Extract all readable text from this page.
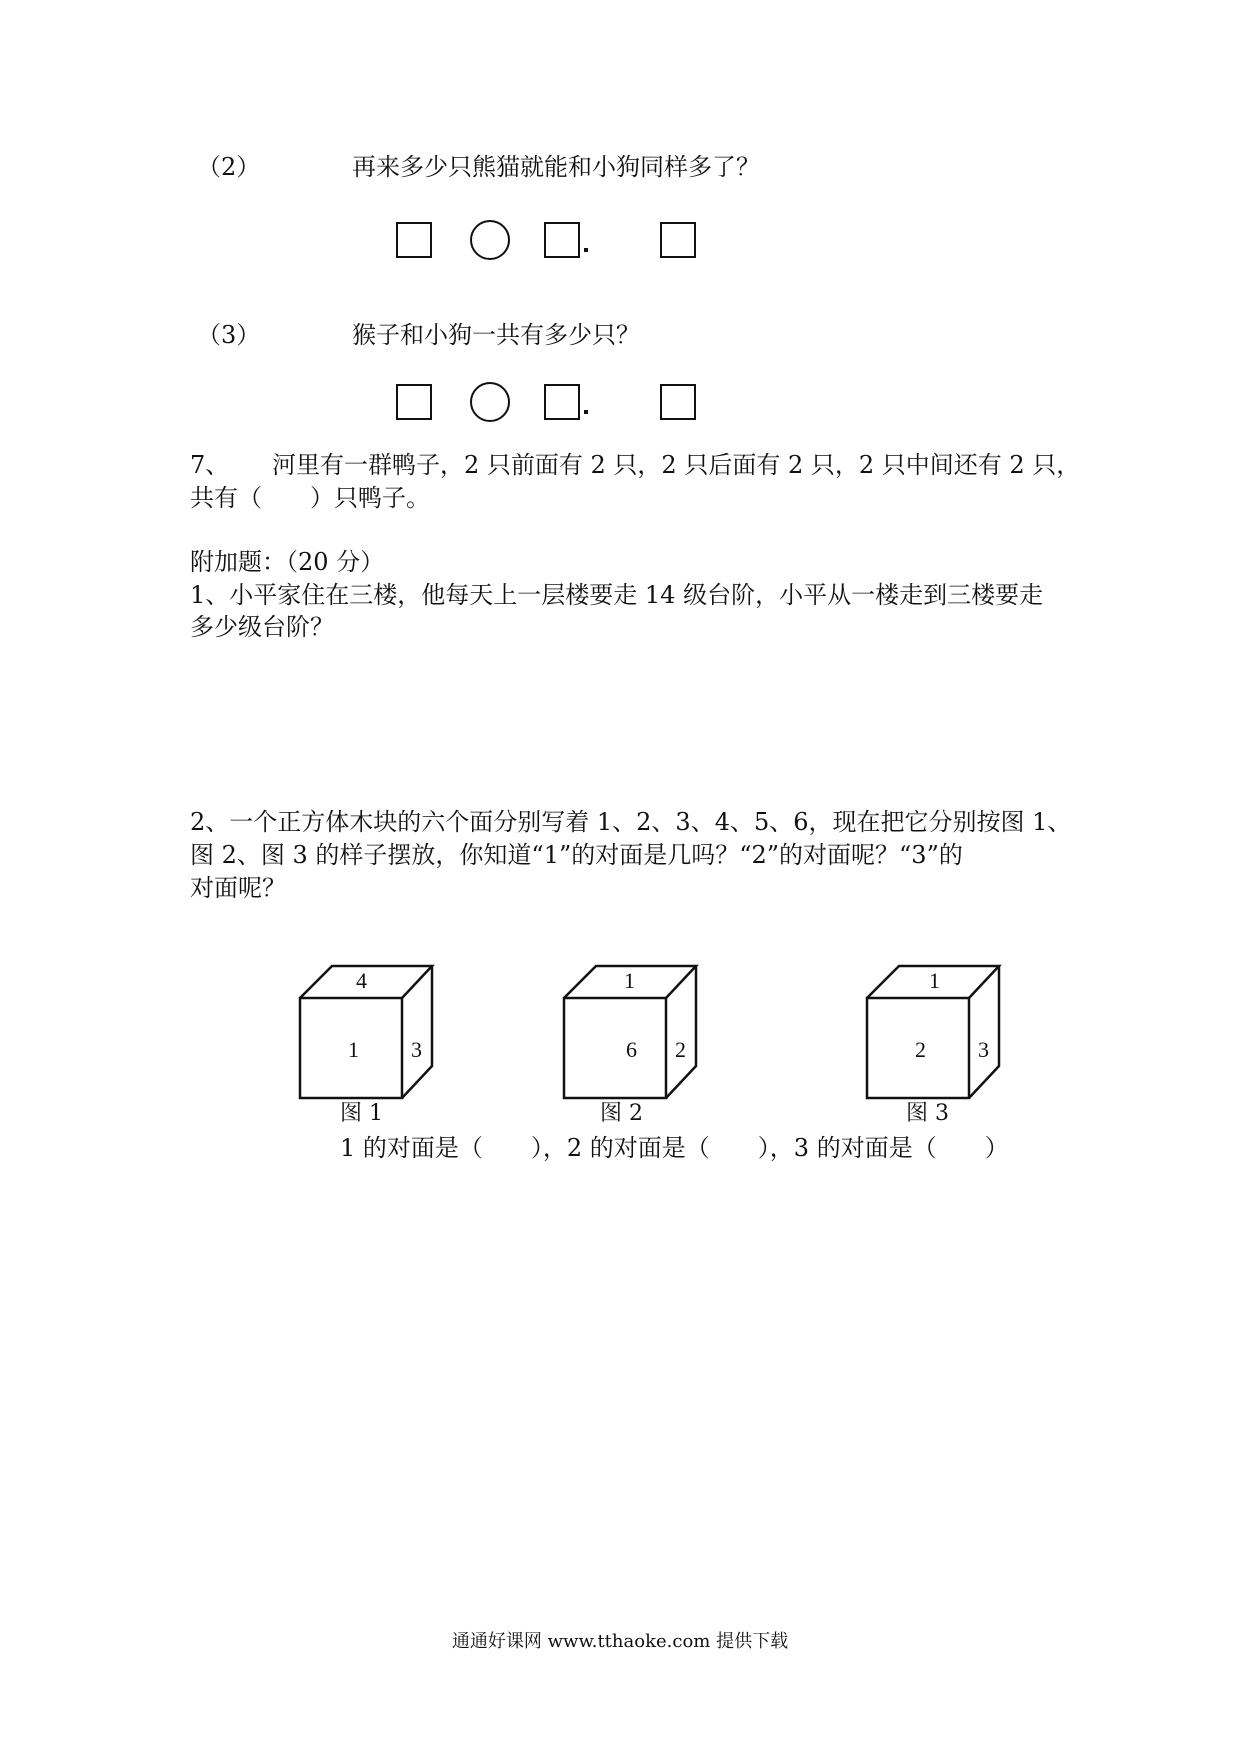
（2）	再来多少只熊猫就能和小狗同样多了？
（3）	猴子和小狗一共有多少只？
7、 河里有一群鸭子，2 只前面有 2 只，2 只后面有 2 只，2 只中间还有 2 只，
共有（　　）只鸭子。
附加题：（20 分）
1、小平家住在三楼，他每天上一层楼要走 14 级台阶，小平从一楼走到三楼要走
多少级台阶？
2、一个正方体木块的六个面分别写着 1、2、3、4、5、6，现在把它分别按图 1、
图 2、图 3 的样子摆放，你知道“1”的对面是几吗？“2”的对面呢？“3”的
对面呢？
4
1 3
图 1
1
6 2
图 2
1
2 3
图 3
1 的对面是（　　），2 的对面是（　　），3 的对面是（　　）
通通好课网 www.tthaoke.com 提供下载
